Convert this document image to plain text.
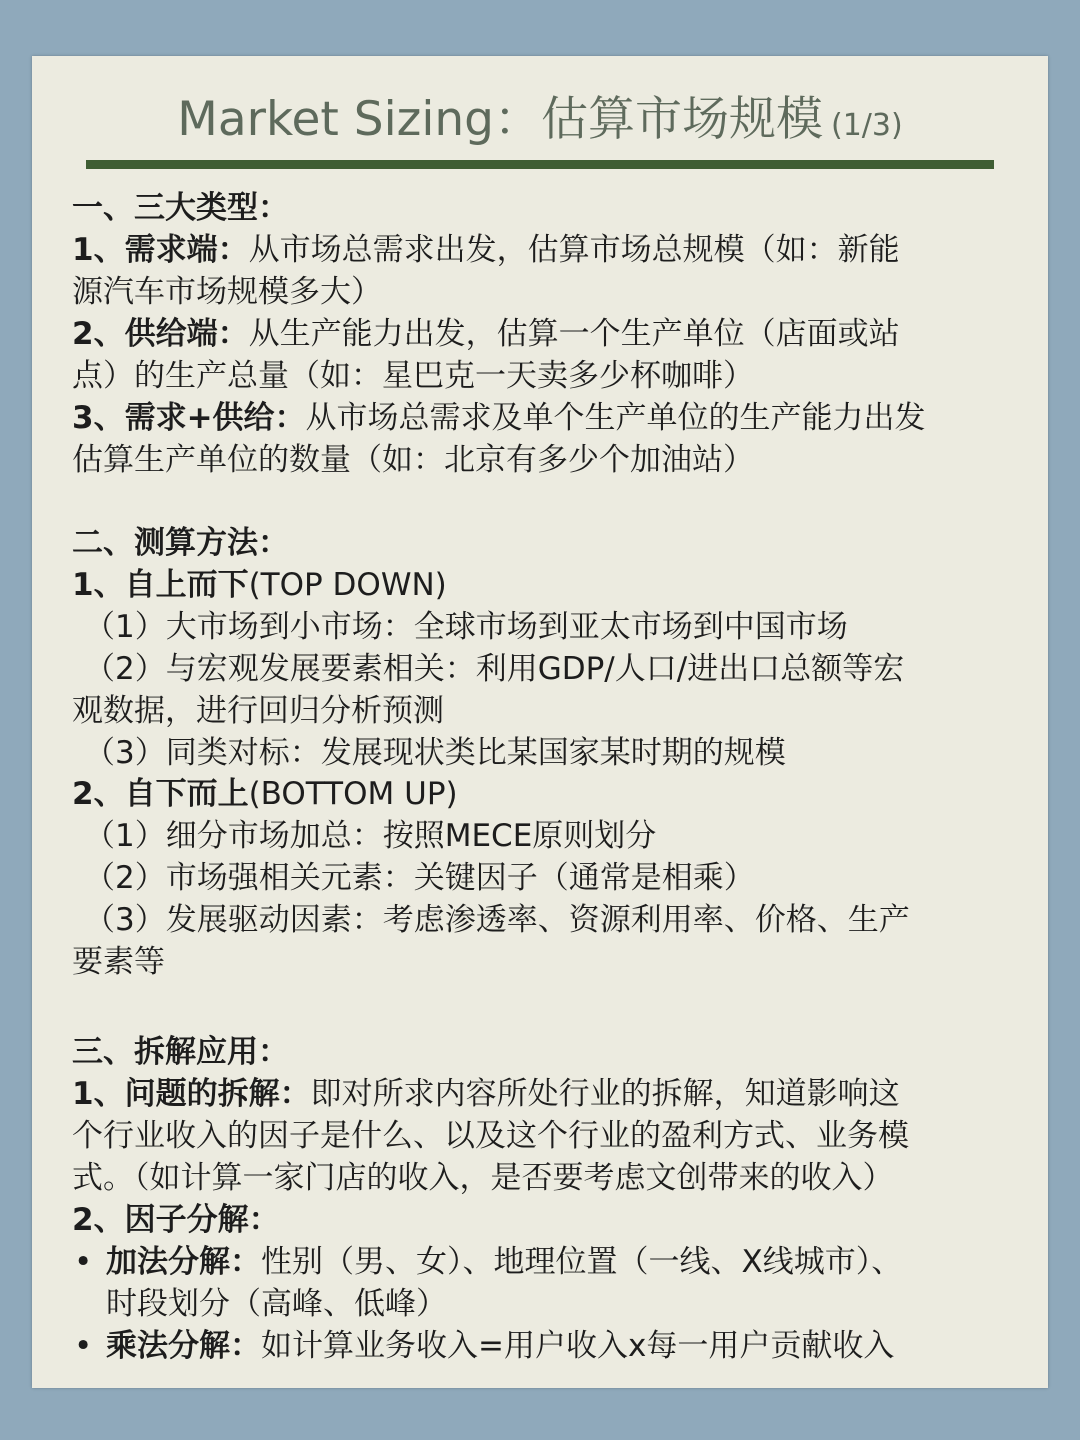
Market Sizing：估算市场规模 (1/3)
一、三大类型：
1、需求端：从市场总需求出发，估算市场总规模（如：新能
源汽车市场规模多大）
2、供给端：从生产能力出发，估算一个生产单位（店面或站
点）的生产总量（如：星巴克一天卖多少杯咖啡）
3、需求+供给：从市场总需求及单个生产单位的生产能力出发
估算生产单位的数量（如：北京有多少个加油站）
二、测算方法：
1、自上而下(TOP DOWN)
（1）大市场到小市场：全球市场到亚太市场到中国市场
（2）与宏观发展要素相关：利用GDP/人口/进出口总额等宏
观数据，进行回归分析预测
（3）同类对标：发展现状类比某国家某时期的规模
2、自下而上(BOTTOM UP)
（1）细分市场加总：按照MECE原则划分
（2）市场强相关元素：关键因子（通常是相乘）
（3）发展驱动因素：考虑渗透率、资源利用率、价格、生产
要素等
三、拆解应用：
1、问题的拆解：即对所求内容所处行业的拆解，知道影响这
个行业收入的因子是什么、以及这个行业的盈利方式、业务模
式。（如计算一家门店的收入，是否要考虑文创带来的收入）
2、因子分解：
• 加法分解：性别（男、女）、地理位置（一线、X线城市）、
时段划分（高峰、低峰）
• 乘法分解：如计算业务收入=用户收入x每一用户贡献收入
